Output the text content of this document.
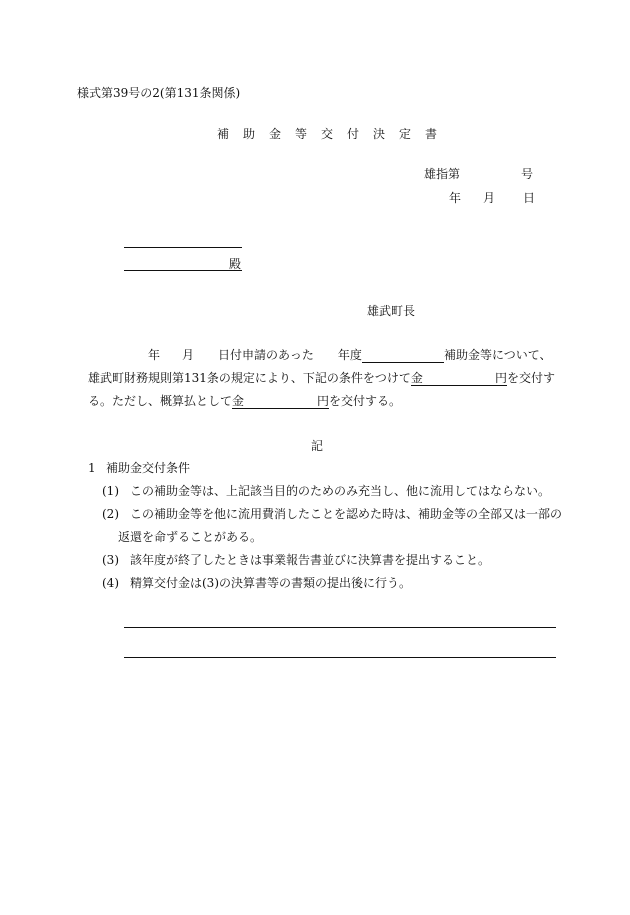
様式第39号の2(第131条関係)
補助金等交付決定書
雄指第	号
年 月 日
殿
雄武町長
年 月 日付申請のあった 年度	補助金等について、
雄武町財務規則第131条の規定により、下記の条件をつけて金	円を交付す
る。ただし、概算払として金	円を交付する。
記
1 補助金交付条件
(1) この補助金等は、上記該当目的のためのみ充当し、他に流用してはならない。
(2) この補助金等を他に流用費消したことを認めた時は、補助金等の全部又は一部の
返還を命ずることがある。
(3) 該年度が終了したときは事業報告書並びに決算書を提出すること。
(4) 精算交付金は(3)の決算書等の書類の提出後に行う。
